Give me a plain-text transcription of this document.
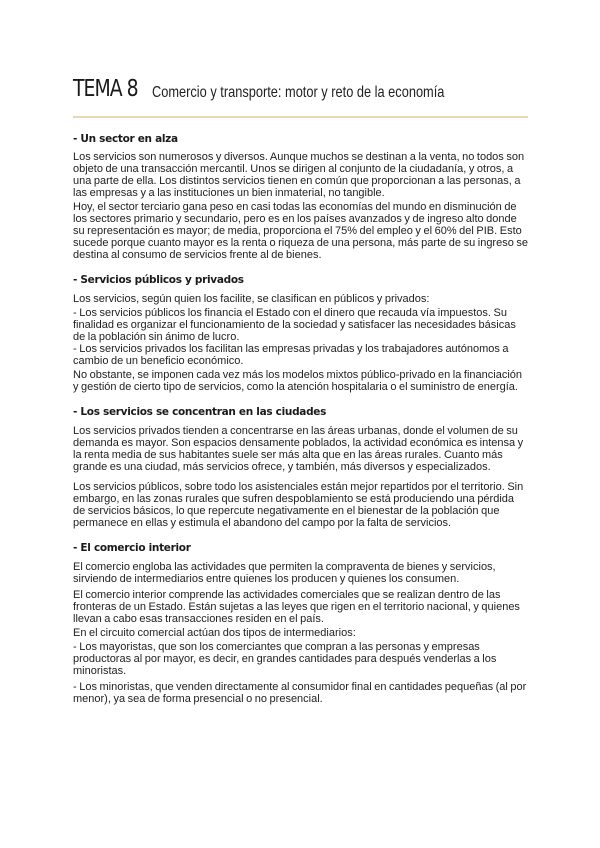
TEMA 8 Comercio y transporte: motor y reto de la economía
- Un sector en alza

Los servicios son numerosos y diversos. Aunque muchos se destinan a la venta, no todos son objeto de una transacción mercantil. Unos se dirigen al conjunto de la ciudadanía, y otros, a una parte de ella. Los distintos servicios tienen en común que proporcionan a las personas, a las empresas y a las instituciones un bien inmaterial, no tangible.

Hoy, el sector terciario gana peso en casi todas las economías del mundo en disminución de los sectores primario y secundario, pero es en los países avanzados y de ingreso alto donde su representación es mayor; de media, proporciona el 75% del empleo y el 60% del PIB. Esto sucede porque cuanto mayor es la renta o riqueza de una persona, más parte de su ingreso se destina al consumo de servicios frente al de bienes.

- Servicios públicos y privados

Los servicios, según quien los facilite, se clasifican en públicos y privados:

- Los servicios públicos los financia el Estado con el dinero que recauda vía impuestos. Su finalidad es organizar el funcionamiento de la sociedad y satisfacer las necesidades básicas de la población sin ánimo de lucro.

- Los servicios privados los facilitan las empresas privadas y los trabajadores autónomos a cambio de un beneficio económico.

No obstante, se imponen cada vez más los modelos mixtos público-privado en la financiación y gestión de cierto tipo de servicios, como la atención hospitalaria o el suministro de energía.

- Los servicios se concentran en las ciudades

Los servicios privados tienden a concentrarse en las áreas urbanas, donde el volumen de su demanda es mayor. Son espacios densamente poblados, la actividad económica es intensa y la renta media de sus habitantes suele ser más alta que en las áreas rurales. Cuanto más grande es una ciudad, más servicios ofrece, y también, más diversos y especializados.

Los servicios públicos, sobre todo los asistenciales están mejor repartidos por el territorio. Sin embargo, en las zonas rurales que sufren despoblamiento se está produciendo una pérdida de servicios básicos, lo que repercute negativamente en el bienestar de la población que permanece en ellas y estimula el abandono del campo por la falta de servicios.

- El comercio interior

El comercio engloba las actividades que permiten la compraventa de bienes y servicios, sirviendo de intermediarios entre quienes los producen y quienes los consumen.

El comercio interior comprende las actividades comerciales que se realizan dentro de las fronteras de un Estado. Están sujetas a las leyes que rigen en el territorio nacional, y quienes llevan a cabo esas transacciones residen en el país.

En el circuito comercial actúan dos tipos de intermediarios:

- Los mayoristas, que son los comerciantes que compran a las personas y empresas productoras al por mayor, es decir, en grandes cantidades para después venderlas a los minoristas.

- Los minoristas, que venden directamente al consumidor final en cantidades pequeñas (al por menor), ya sea de forma presencial o no presencial.
